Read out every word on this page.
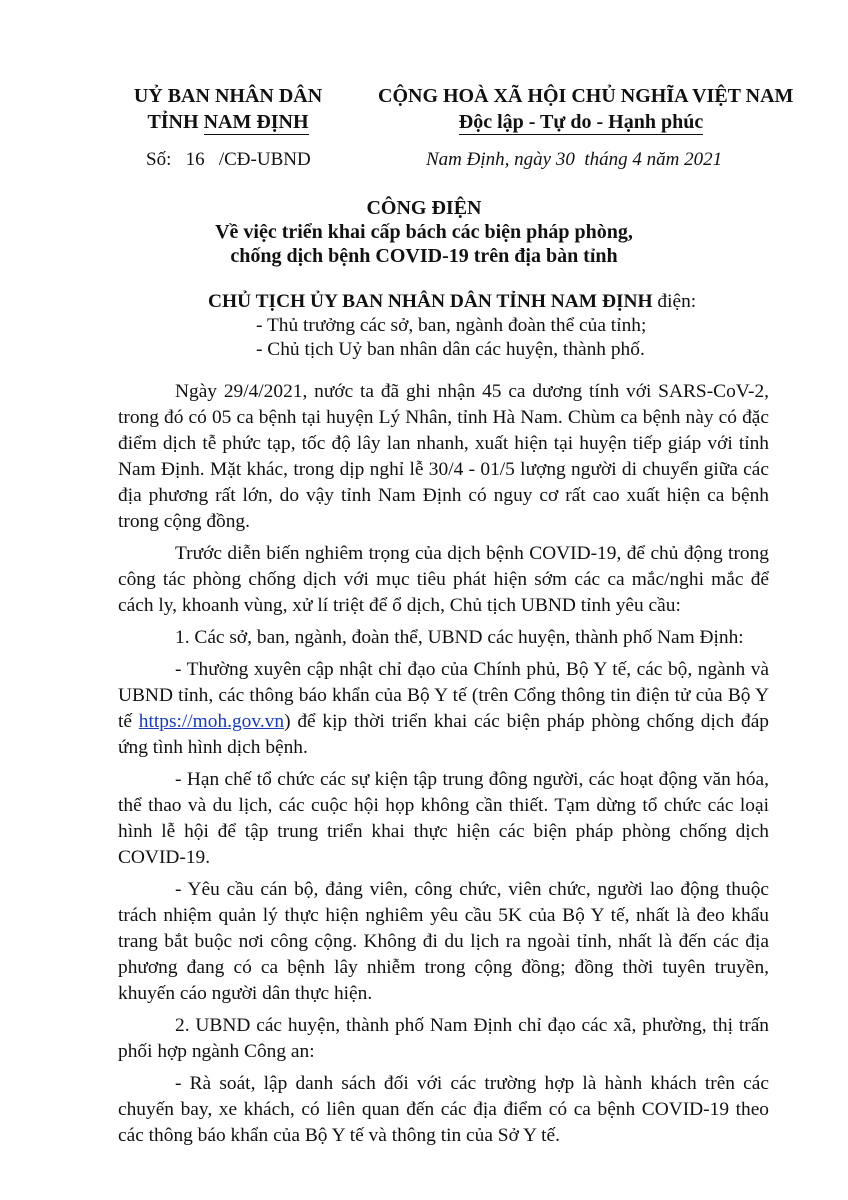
UỶ BAN NHÂN DÂN
TỈNH NAM ĐỊNH
CỘNG HOÀ XÃ HỘI CHỦ NGHĨA VIỆT NAM
Độc lập - Tự do - Hạnh phúc
Số:   16   /CĐ-UBND	Nam Định, ngày 30  tháng 4 năm 2021
CÔNG ĐIỆN
Về việc triển khai cấp bách các biện pháp phòng,
chống dịch bệnh COVID-19 trên địa bàn tỉnh
CHỦ TỊCH ỦY BAN NHÂN DÂN TỈNH NAM ĐỊNH điện:
- Thủ trưởng các sở, ban, ngành đoàn thể của tỉnh;
- Chủ tịch Uỷ ban nhân dân các huyện, thành phố.

Ngày 29/4/2021, nước ta đã ghi nhận 45 ca dương tính với SARS-CoV-2, trong đó có 05 ca bệnh tại huyện Lý Nhân, tỉnh Hà Nam. Chùm ca bệnh này có đặc điểm dịch tễ phức tạp, tốc độ lây lan nhanh, xuất hiện tại huyện tiếp giáp với tỉnh Nam Định. Mặt khác, trong dịp nghỉ lễ 30/4 - 01/5 lượng người di chuyển giữa các địa phương rất lớn, do vậy tỉnh Nam Định có nguy cơ rất cao xuất hiện ca bệnh trong cộng đồng.

Trước diễn biến nghiêm trọng của dịch bệnh COVID-19, để chủ động trong công tác phòng chống dịch với mục tiêu phát hiện sớm các ca mắc/nghi mắc để cách ly, khoanh vùng, xử lí triệt để ổ dịch, Chủ tịch UBND tỉnh yêu cầu:

1. Các sở, ban, ngành, đoàn thể, UBND các huyện, thành phố Nam Định:

- Thường xuyên cập nhật chỉ đạo của Chính phủ, Bộ Y tế, các bộ, ngành và UBND tỉnh, các thông báo khẩn của Bộ Y tế (trên Cổng thông tin điện tử của Bộ Y tế https://moh.gov.vn) để kịp thời triển khai các biện pháp phòng chống dịch đáp ứng tình hình dịch bệnh.

- Hạn chế tổ chức các sự kiện tập trung đông người, các hoạt động văn hóa, thể thao và du lịch, các cuộc hội họp không cần thiết. Tạm dừng tổ chức các loại hình lễ hội để tập trung triển khai thực hiện các biện pháp phòng chống dịch COVID-19.

- Yêu cầu cán bộ, đảng viên, công chức, viên chức, người lao động thuộc trách nhiệm quản lý thực hiện nghiêm yêu cầu 5K của Bộ Y tế, nhất là đeo khẩu trang bắt buộc nơi công cộng. Không đi du lịch ra ngoài tỉnh, nhất là đến các địa phương đang có ca bệnh lây nhiễm trong cộng đồng; đồng thời tuyên truyền, khuyến cáo người dân thực hiện.

2. UBND các huyện, thành phố Nam Định chỉ đạo các xã, phường, thị trấn phối hợp ngành Công an:

- Rà soát, lập danh sách đối với các trường hợp là hành khách trên các chuyến bay, xe khách, có liên quan đến các địa điểm có ca bệnh COVID-19 theo các thông báo khẩn của Bộ Y tế và thông tin của Sở Y tế.
